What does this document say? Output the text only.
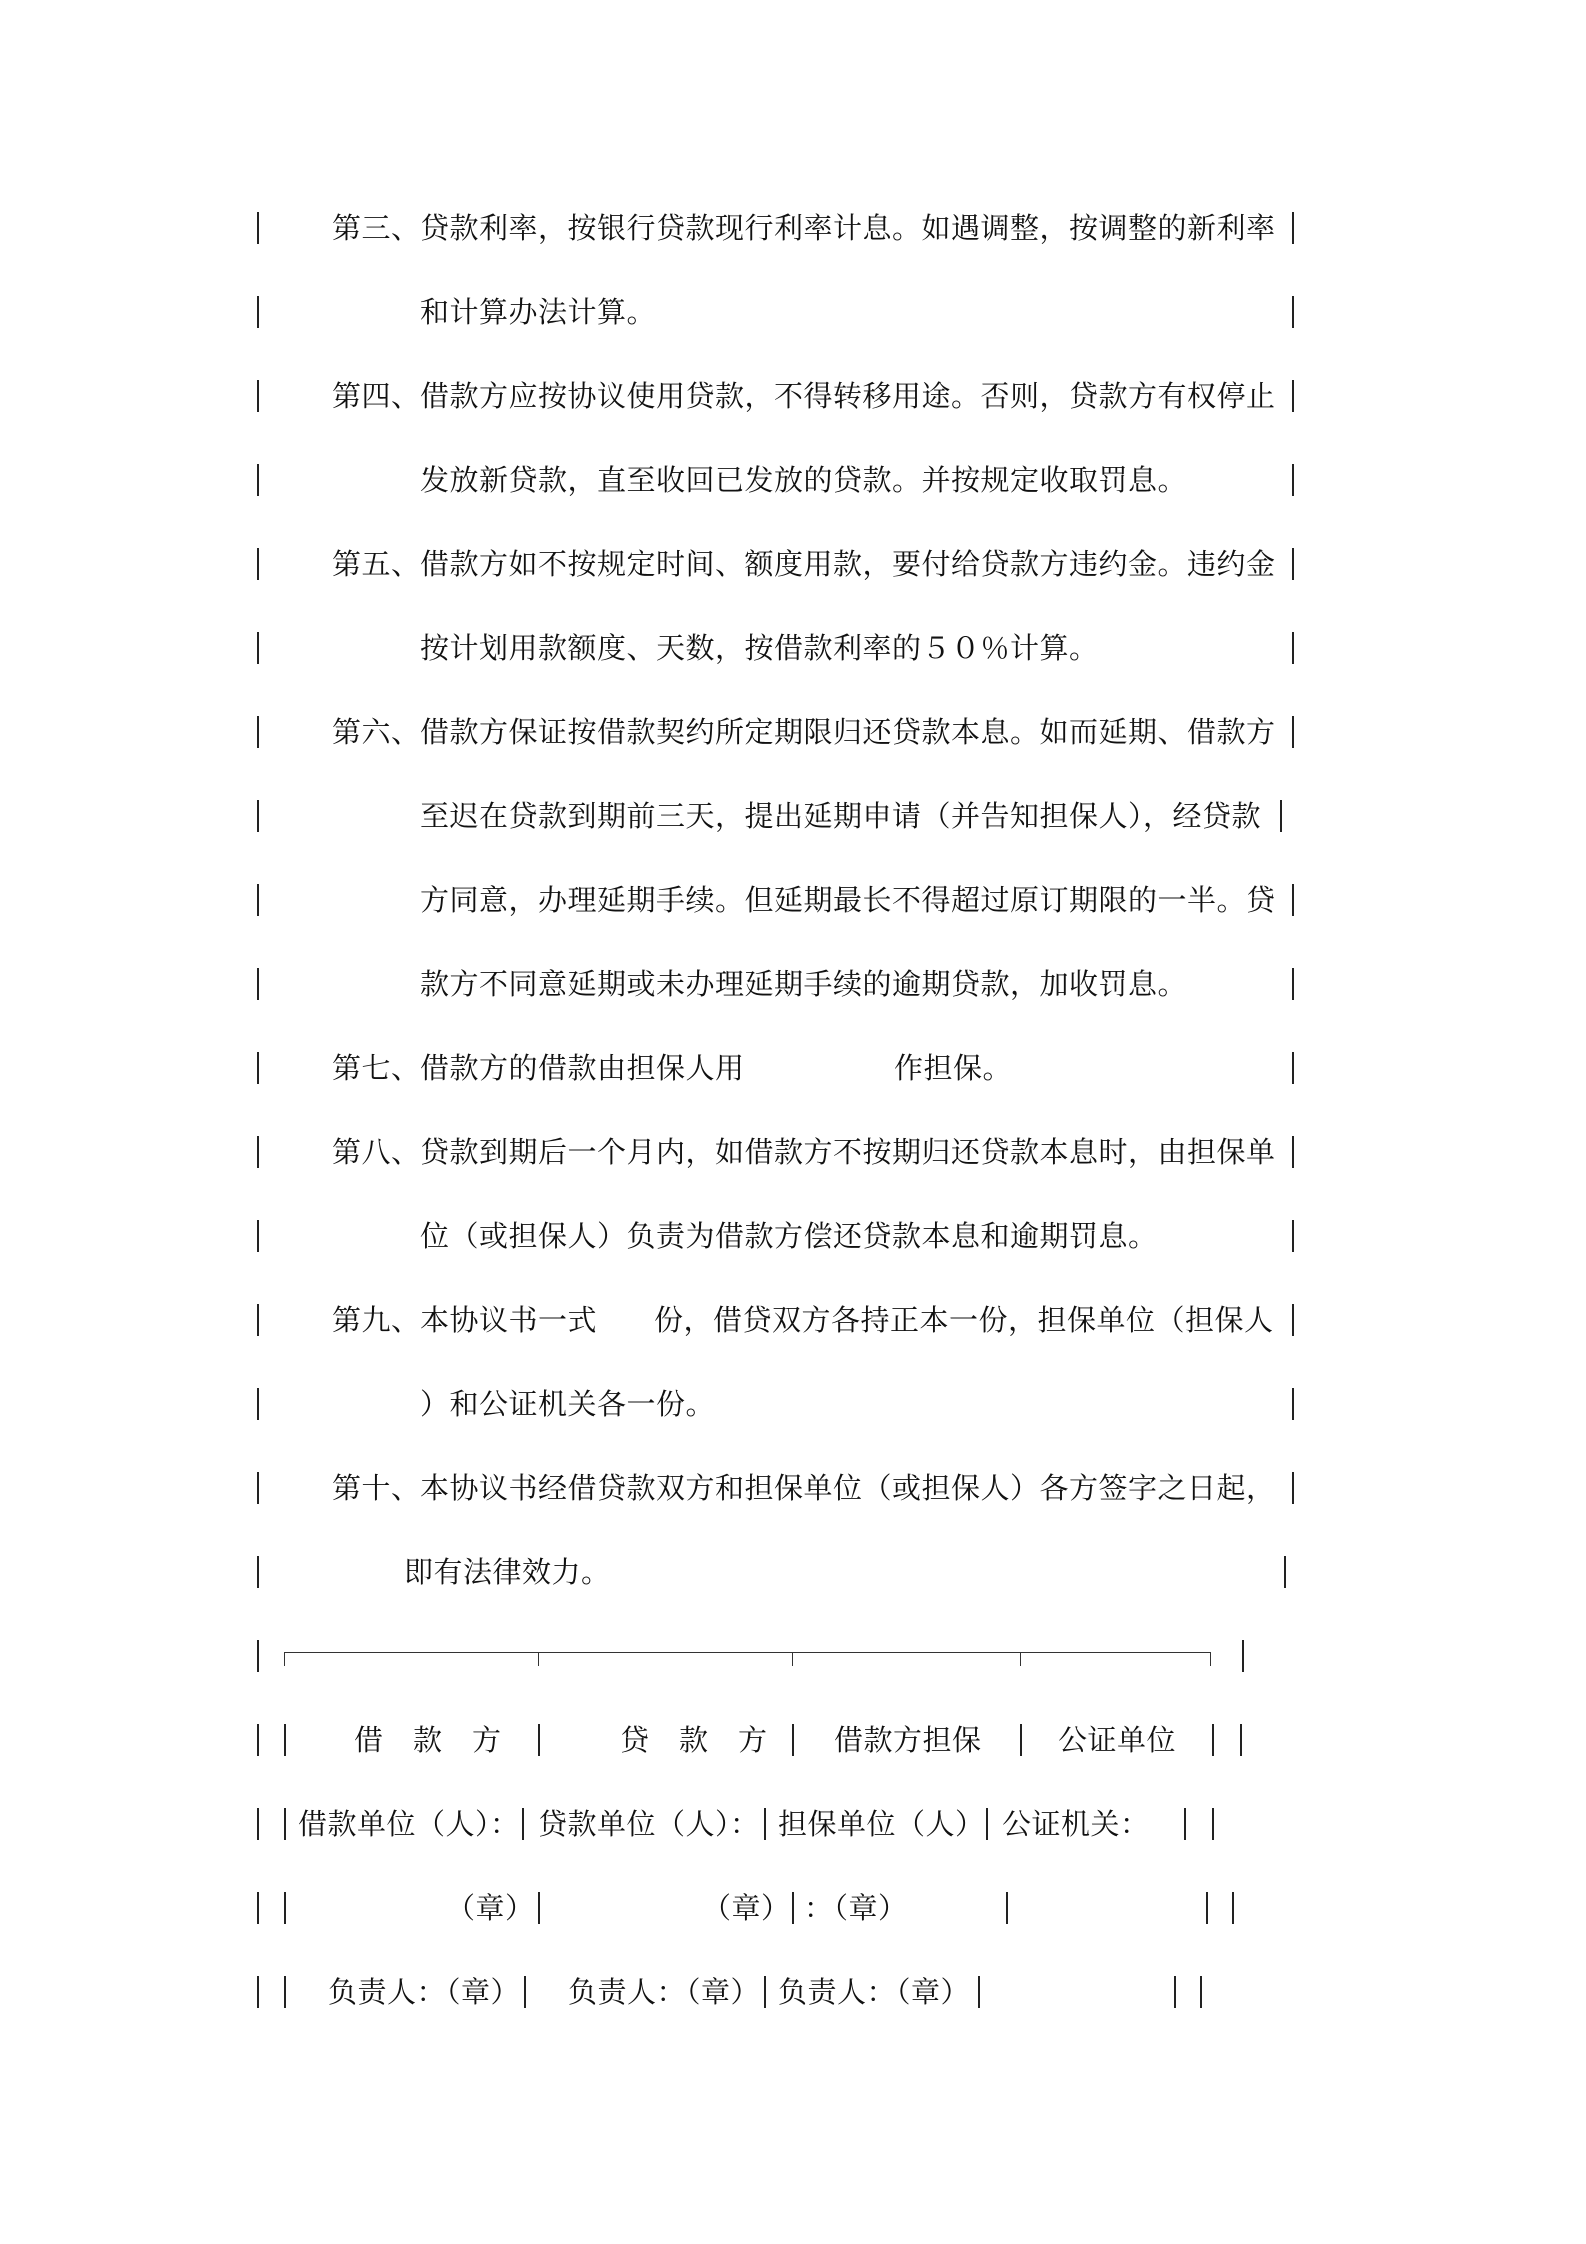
第三、 贷款利率，按银行贷款现行利率计息。如遇调整，按调整的新利率
和计算办法计算。
第四、 借款方应按协议使用贷款，不得转移用途。否则，贷款方有权停止
发放新贷款，直至收回已发放的贷款。并按规定收取罚息。
第五、 借款方如不按规定时间、额度用款，要付给贷款方违约金。违约金
按计划用款额度、天数，按借款利率的５０％计算。
第六、 借款方保证按借款契约所定期限归还贷款本息。如而延期、借款方
至迟在贷款到期前三天，提出延期申请（并告知担保人），经贷款
方同意，办理延期手续。但延期最长不得超过原订期限的一半。贷
款方不同意延期或未办理延期手续的逾期贷款，加收罚息。
第七、 借款方的借款由担保人用	作担保。
第八、 贷款到期后一个月内，如借款方不按期归还贷款本息时，由担保单
位（或担保人）负责为借款方偿还贷款本息和逾期罚息。
第九、 本协议书一式 份，借贷双方各持正本一份，担保单位（担保人
）和公证机关各一份。
第十、 本协议书经借贷款双方和担保单位（或担保人）各方签字之日起，
即有法律效力。
借　款　方	贷　款　方 借款方担保	公证单位
借款单位（人）： 贷款单位（人）： 担保单位（人） 公证机关：
（章）	（章） ：（章）
负责人：（章） 负责人：（章） 负责人：（章）
